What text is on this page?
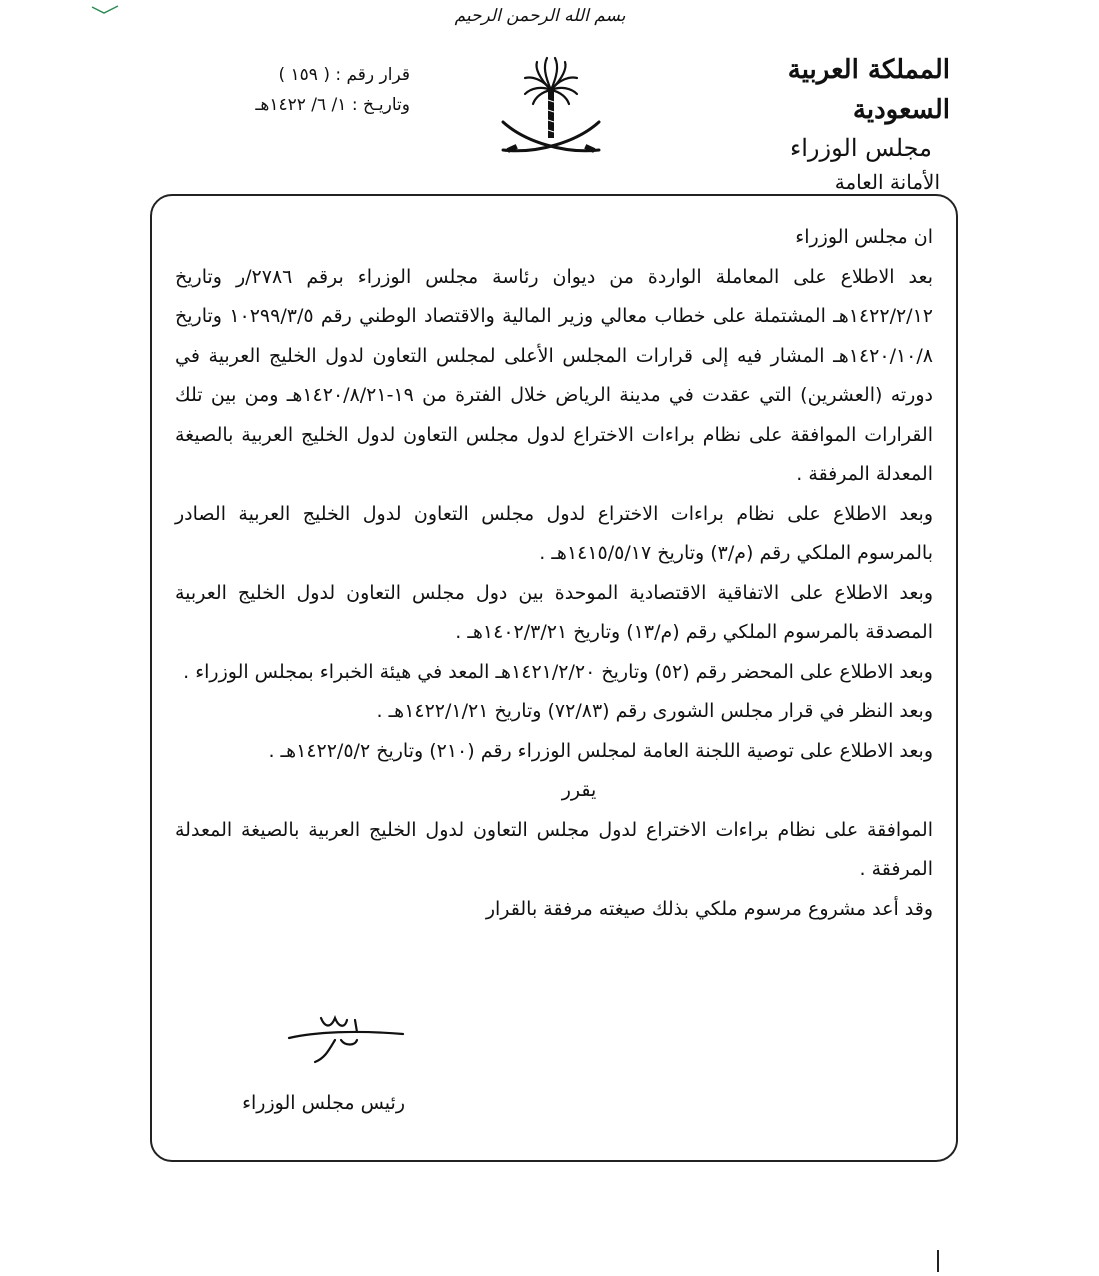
بسم الله الرحمن الرحيم
قرار رقم : ( ١٥٩ )
وتاريـخ : ١/ ٦/ ١٤٢٢هـ
المملكة العربية السعودية
مجلس الوزراء
الأمانة العامة

ان مجلس الوزراء

بعد الاطلاع على المعاملة الواردة من ديوان رئاسة مجلس الوزراء برقم ٢٧٨٦/ر وتاريخ ١٤٢٢/٢/١٢هـ المشتملة على خطاب معالي وزير المالية والاقتصاد الوطني رقم ١٠٢٩٩/٣/٥ وتاريخ ١٤٢٠/١٠/٨هـ المشار فيه إلى قرارات المجلس الأعلى لمجلس التعاون لدول الخليج العربية في دورته (العشرين) التي عقدت في مدينة الرياض خلال الفترة من ١٩-١٤٢٠/٨/٢١هـ ومن بين تلك القرارات الموافقة على نظام براءات الاختراع لدول مجلس التعاون لدول الخليج العربية بالصيغة المعدلة المرفقة .

وبعد الاطلاع على نظام براءات الاختراع لدول مجلس التعاون لدول الخليج العربية الصادر بالمرسوم الملكي رقم (م/٣) وتاريخ ١٤١٥/٥/١٧هـ .

وبعد الاطلاع على الاتفاقية الاقتصادية الموحدة بين دول مجلس التعاون لدول الخليج العربية المصدقة بالمرسوم الملكي رقم (م/١٣) وتاريخ ١٤٠٢/٣/٢١هـ .

وبعد الاطلاع على المحضر رقم (٥٢) وتاريخ ١٤٢١/٢/٢٠هـ المعد في هيئة الخبراء بمجلس الوزراء .

وبعد النظر في قرار مجلس الشورى رقم (٧٢/٨٣) وتاريخ ١٤٢٢/١/٢١هـ .

وبعد الاطلاع على توصية اللجنة العامة لمجلس الوزراء رقم (٢١٠) وتاريخ ١٤٢٢/٥/٢هـ .

يقرر

الموافقة على نظام براءات الاختراع لدول مجلس التعاون لدول الخليج العربية بالصيغة المعدلة المرفقة .

وقد أعد مشروع مرسوم ملكي بذلك صيغته مرفقة بالقرار

رئيس مجلس الوزراء
